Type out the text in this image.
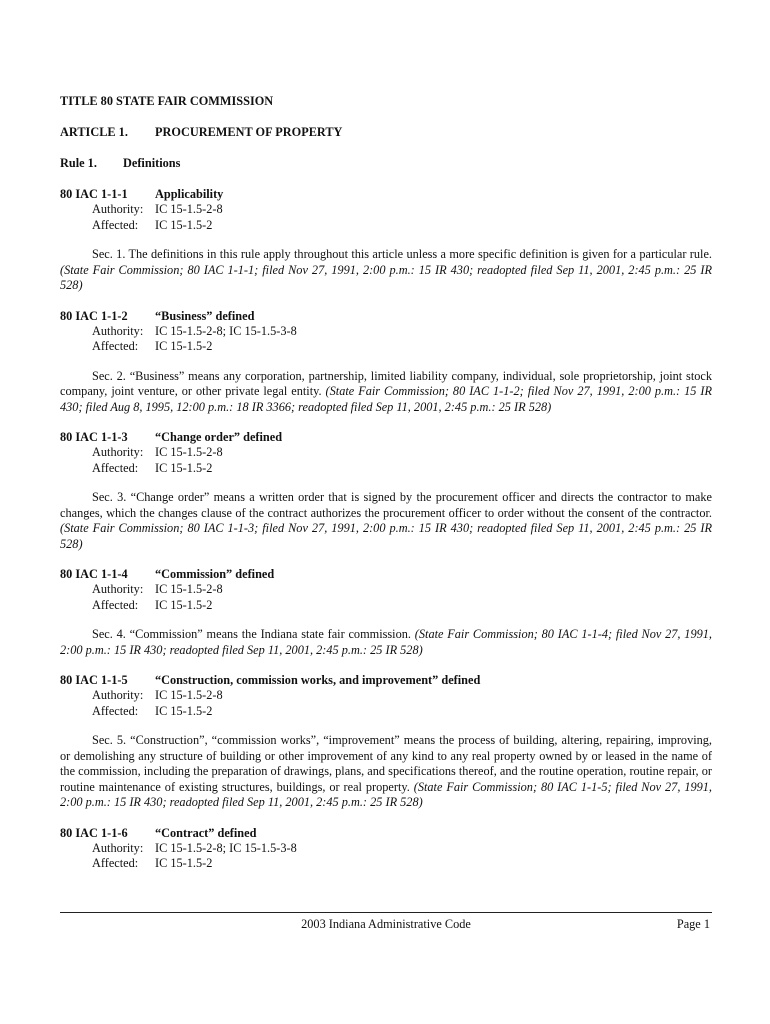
TITLE 80 STATE FAIR COMMISSION

ARTICLE 1.	PROCUREMENT OF PROPERTY
Rule 1.	Definitions
80 IAC 1-1-1	Applicability
Authority: IC 15-1.5-2-8
Affected:	IC 15-1.5-2
Sec. 1. The definitions in this rule apply throughout this article unless a more specific definition is given for a particular rule. (State Fair Commission; 80 IAC 1-1-1; filed Nov 27, 1991, 2:00 p.m.: 15 IR 430; readopted filed Sep 11, 2001, 2:45 p.m.: 25 IR 528)
80 IAC 1-1-2	“Business” defined
Authority: IC 15-1.5-2-8; IC 15-1.5-3-8
Affected:	IC 15-1.5-2
Sec. 2. “Business” means any corporation, partnership, limited liability company, individual, sole proprietorship, joint stock company, joint venture, or other private legal entity. (State Fair Commission; 80 IAC 1-1-2; filed Nov 27, 1991, 2:00 p.m.: 15 IR 430; filed Aug 8, 1995, 12:00 p.m.: 18 IR 3366; readopted filed Sep 11, 2001, 2:45 p.m.: 25 IR 528)
80 IAC 1-1-3	“Change order” defined
Authority: IC 15-1.5-2-8
Affected:	IC 15-1.5-2
Sec. 3. “Change order” means a written order that is signed by the procurement officer and directs the contractor to make changes, which the changes clause of the contract authorizes the procurement officer to order without the consent of the contractor. (State Fair Commission; 80 IAC 1-1-3; filed Nov 27, 1991, 2:00 p.m.: 15 IR 430; readopted filed Sep 11, 2001, 2:45 p.m.: 25 IR 528)
80 IAC 1-1-4	“Commission” defined
Authority: IC 15-1.5-2-8
Affected:	IC 15-1.5-2
Sec. 4. “Commission” means the Indiana state fair commission. (State Fair Commission; 80 IAC 1-1-4; filed Nov 27, 1991, 2:00 p.m.: 15 IR 430; readopted filed Sep 11, 2001, 2:45 p.m.: 25 IR 528)
80 IAC 1-1-5	“Construction, commission works, and improvement” defined
Authority: IC 15-1.5-2-8
Affected:	IC 15-1.5-2
Sec. 5. “Construction”, “commission works”, “improvement” means the process of building, altering, repairing, improving, or demolishing any structure of building or other improvement of any kind to any real property owned by or leased in the name of the commission, including the preparation of drawings, plans, and specifications thereof, and the routine operation, routine repair, or routine maintenance of existing structures, buildings, or real property. (State Fair Commission; 80 IAC 1-1-5; filed Nov 27, 1991, 2:00 p.m.: 15 IR 430; readopted filed Sep 11, 2001, 2:45 p.m.: 25 IR 528)
80 IAC 1-1-6	“Contract” defined
Authority: IC 15-1.5-2-8; IC 15-1.5-3-8
Affected:	IC 15-1.5-2
2003 Indiana Administrative Code	Page 1
